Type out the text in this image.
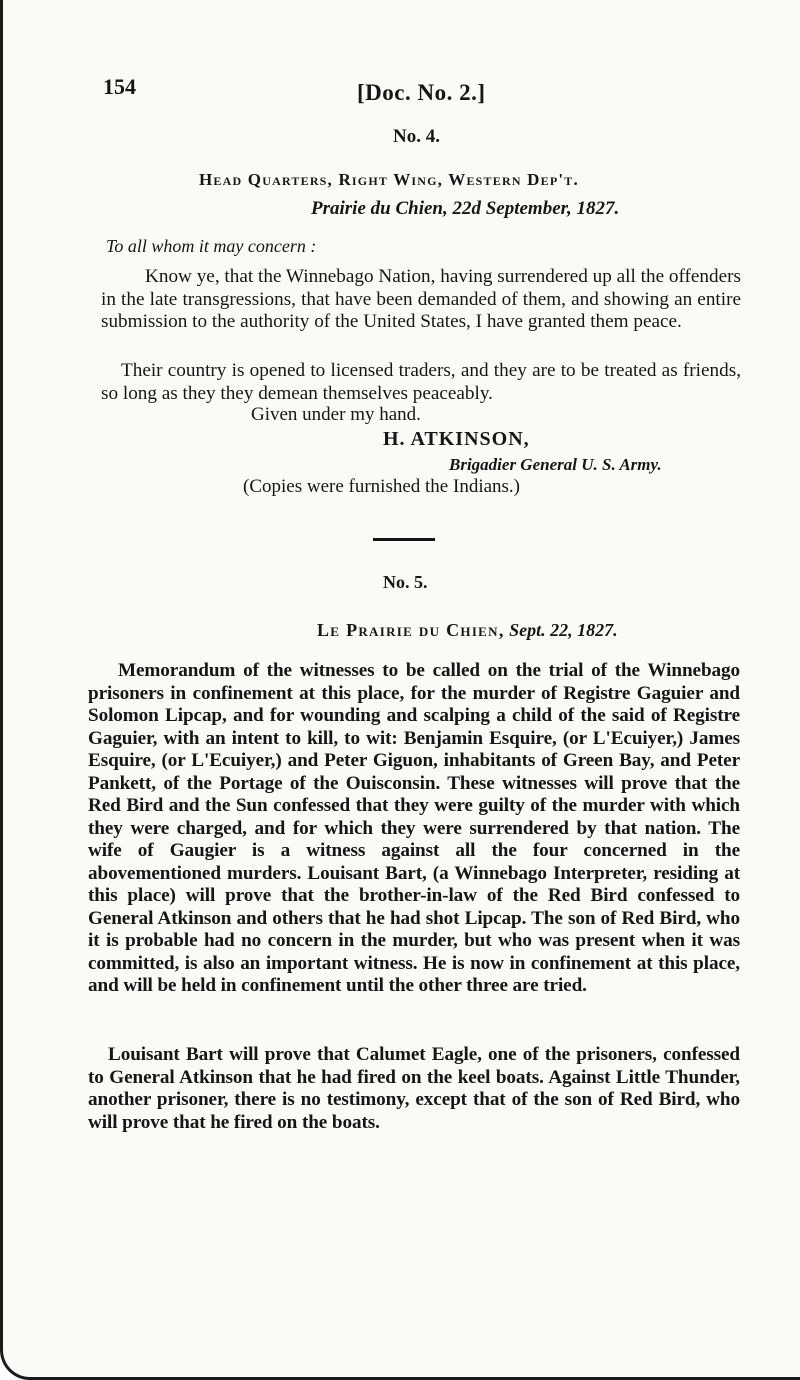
154	[Doc. No. 2.]
No. 4.
Head Quarters, Right Wing, Western Dep't.
Prairie du Chien, 22d September, 1827.
To all whom it may concern :
Know ye, that the Winnebago Nation, having surrendered up all the offenders in the late transgressions, that have been demanded of them, and showing an entire submission to the authority of the United States, I have granted them peace.
Their country is opened to licensed traders, and they are to be treated as friends, so long as they they demean themselves peaceably.
Given under my hand.
H. ATKINSON,
Brigadier General U. S. Army.
(Copies were furnished the Indians.)
No. 5.
Le Prairie du Chien, Sept. 22, 1827.
Memorandum of the witnesses to be called on the trial of the Winnebago prisoners in confinement at this place, for the murder of Registre Gaguier and Solomon Lipcap, and for wounding and scalping a child of the said of Registre Gaguier, with an intent to kill, to wit: Benjamin Esquire, (or L'Ecuiyer,) James Esquire, (or L'Ecuiyer,) and Peter Giguon, inhabitants of Green Bay, and Peter Pankett, of the Portage of the Ouisconsin. These witnesses will prove that the Red Bird and the Sun confessed that they were guilty of the murder with which they were charged, and for which they were surrendered by that nation. The wife of Gaugier is a witness against all the four concerned in the abovementioned murders. Louisant Bart, (a Winnebago Interpreter, residing at this place) will prove that the brother-in-law of the Red Bird confessed to General Atkinson and others that he had shot Lipcap. The son of Red Bird, who it is probable had no concern in the murder, but who was present when it was committed, is also an important witness. He is now in confinement at this place, and will be held in confinement until the other three are tried.
Louisant Bart will prove that Calumet Eagle, one of the prisoners, confessed to General Atkinson that he had fired on the keel boats. Against Little Thunder, another prisoner, there is no testimony, except that of the son of Red Bird, who will prove that he fired on the boats.
